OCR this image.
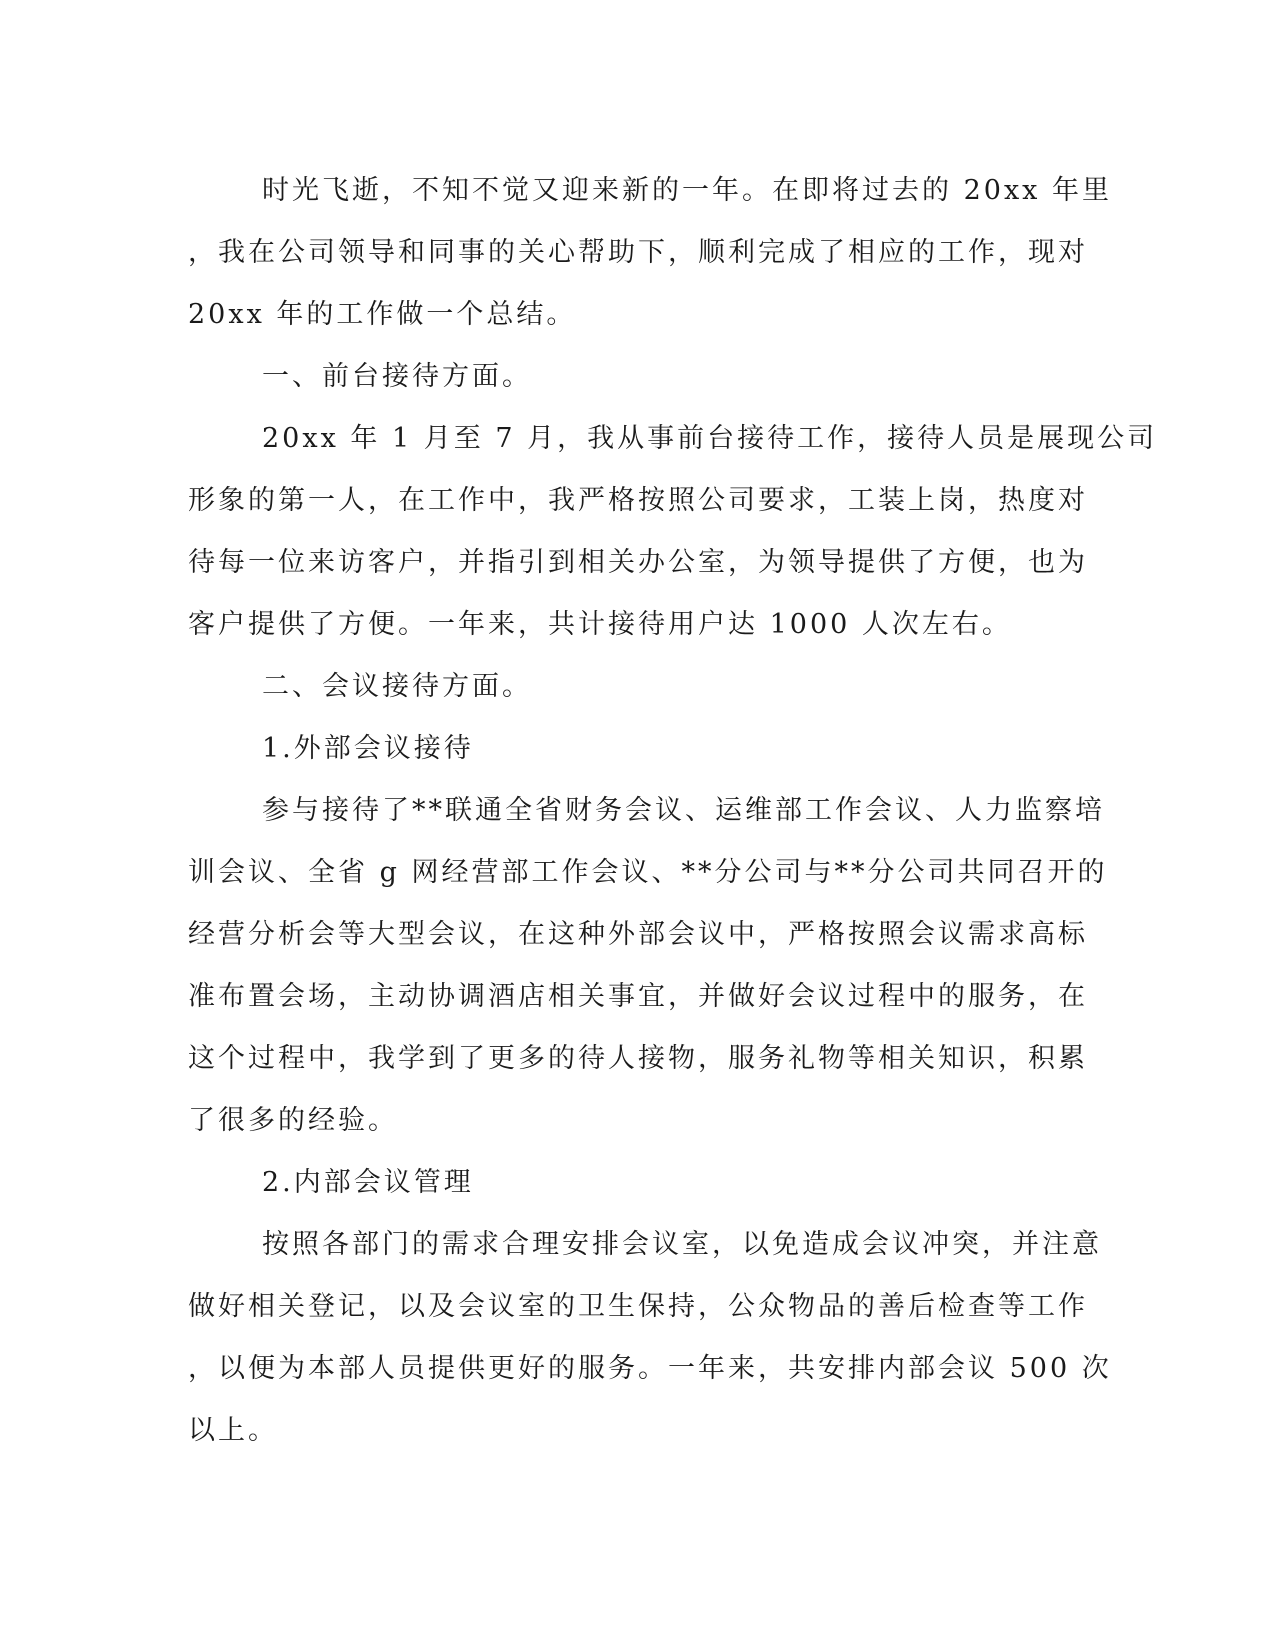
时光飞逝，不知不觉又迎来新的一年。在即将过去的 20xx 年里
，我在公司领导和同事的关心帮助下，顺利完成了相应的工作，现对
20xx 年的工作做一个总结。

一、前台接待方面。

20xx 年 1 月至 7 月，我从事前台接待工作，接待人员是展现公司
形象的第一人，在工作中，我严格按照公司要求，工装上岗，热度对
待每一位来访客户，并指引到相关办公室，为领导提供了方便，也为
客户提供了方便。一年来，共计接待用户达 1000 人次左右。

二、会议接待方面。

1.外部会议接待

参与接待了**联通全省财务会议、运维部工作会议、人力监察培
训会议、全省 g 网经营部工作会议、**分公司与**分公司共同召开的
经营分析会等大型会议，在这种外部会议中，严格按照会议需求高标
准布置会场，主动协调酒店相关事宜，并做好会议过程中的服务，在
这个过程中，我学到了更多的待人接物，服务礼物等相关知识，积累
了很多的经验。

2.内部会议管理

按照各部门的需求合理安排会议室，以免造成会议冲突，并注意
做好相关登记，以及会议室的卫生保持，公众物品的善后检查等工作
，以便为本部人员提供更好的服务。一年来，共安排内部会议 500 次
以上。
